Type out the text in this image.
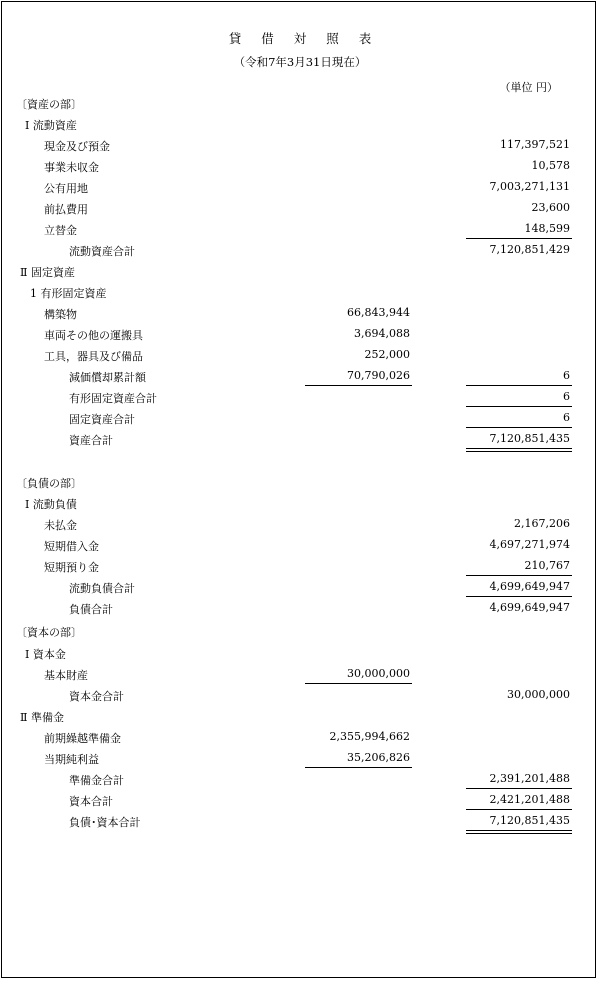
貸借対照表
（令和7年3月31日現在）
（単位 円）
〔資産の部〕
Ⅰ 流動資産
現金及び預金	117,397,521
事業未収金	10,578
公有用地	7,003,271,131
前払費用	23,600
立替金	148,599
流動資産合計	7,120,851,429
Ⅱ 固定資産
1 有形固定資産
構築物	66,843,944
車両その他の運搬具	3,694,088
工具，器具及び備品	252,000
減価償却累計額	70,790,026	6
有形固定資産合計	6
固定資産合計	6
資産合計	7,120,851,435
〔負債の部〕
Ⅰ 流動負債
未払金	2,167,206
短期借入金	4,697,271,974
短期預り金	210,767
流動負債合計	4,699,649,947
負債合計	4,699,649,947
〔資本の部〕
Ⅰ 資本金
基本財産	30,000,000
資本金合計	30,000,000
Ⅱ 準備金
前期繰越準備金	2,355,994,662
当期純利益	35,206,826
準備金合計	2,391,201,488
資本合計	2,421,201,488
負債･資本合計	7,120,851,435
